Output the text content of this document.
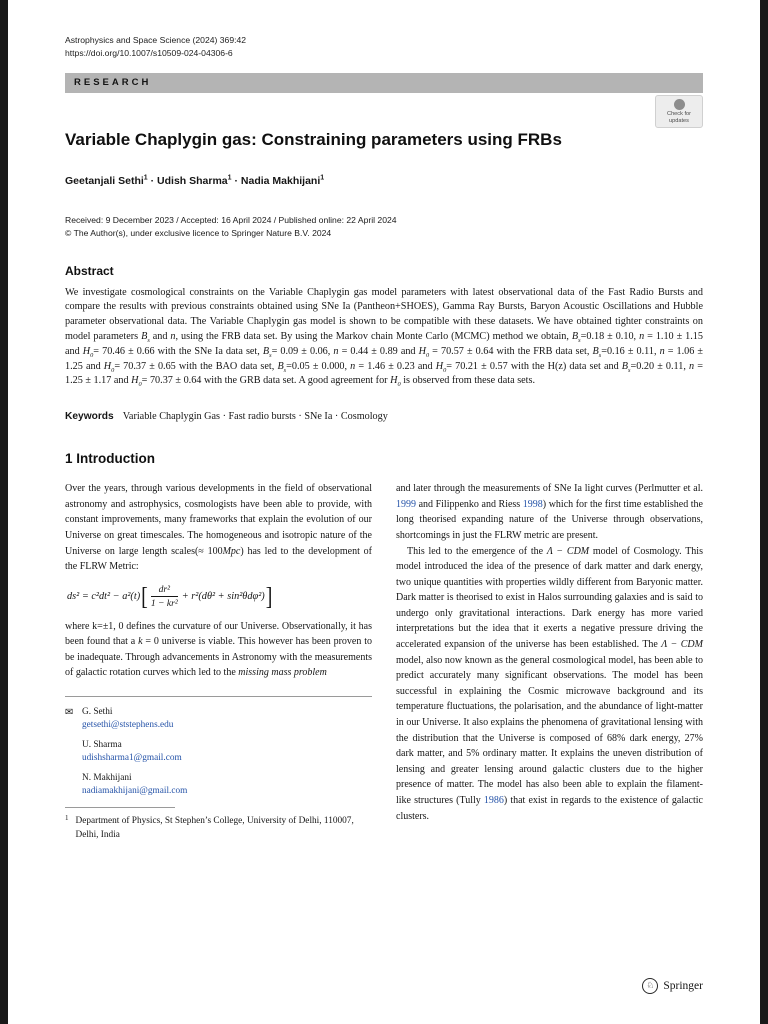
Astrophysics and Space Science (2024) 369:42
https://doi.org/10.1007/s10509-024-04306-6
RESEARCH
Check for
updates
Variable Chaplygin gas: Constraining parameters using FRBs
Geetanjali Sethi$^1$ · Udish Sharma$^1$ · Nadia Makhijani$^1$
Received: 9 December 2023 / Accepted: 16 April 2024 / Published online: 22 April 2024
© The Author(s), under exclusive licence to Springer Nature B.V. 2024
Abstract

We investigate cosmological constraints on the Variable Chaplygin gas model parameters with latest observational data of the Fast Radio Bursts and compare the results with previous constraints obtained using SNe Ia (Pantheon+SHOES), Gamma Ray Bursts, Baryon Acoustic Oscillations and Hubble parameter observational data. The Variable Chaplygin gas model is shown to be compatible with these datasets. We have obtained tighter constraints on model parameters $B_s$ and n, using the FRB data set. By using the Markov chain Monte Carlo (MCMC) method we obtain, $B_s=0.18 \pm 0.10$, n = 1.10 ± 1.15 and $H_0= 70.46 \pm 0.66$ with the SNe Ia data set, $B_s= 0.09 \pm 0.06$, n = 0.44 ± 0.89 and $H_0 = 70.57 \pm 0.64$ with the FRB data set, $B_s=0.16 \pm 0.11$, n = 1.06 ± 1.25 and $H_0= 70.37 \pm 0.65$ with the BAO data set, $B_s=0.05 \pm 0.000$, n = 1.46 ± 0.23 and $H_0= 70.21 \pm 0.57$ with the H(z) data set and $B_s=0.20 \pm 0.11$, n = 1.25 ± 1.17 and $H_0= 70.37 \pm 0.64$ with the GRB data set. A good agreement for $H_0$ is observed from these data sets.

Keywords Variable Chaplygin Gas · Fast radio bursts · SNe Ia · Cosmology
1 Introduction

Over the years, through various developments in the field of observational astronomy and astrophysics, cosmologists have been able to provide, with constant improvements, many frameworks that explain the evolution of our Universe on great timescales. The homogeneous and isotropic nature of the Universe on large length scales(≈ 100Mpc) has led to the development of the FLRW Metric:

ds² = c²dt² − a²(t) [ $\frac{\text{dr²}}{\text{1 − kr²}} + r^2(d\theta^2 + \sin^2\theta d\varphi^2)$ ]

where k=±1, 0 defines the curvature of our Universe. Observationally, it has been found that a k = 0 universe is viable. This however has been proven to be inadequate. Through advancements in Astronomy with the measurements of galactic rotation curves which led to the missing mass problem

✉ G. Sethi
getsethi@ststephens.edu
U. Sharma
udishsharma1@gmail.com
N. Makhijani
nadiamakhijani@gmail.com
1 Department of Physics, St Stephen’s College, University of Delhi, 110007, Delhi, India

and later through the measurements of SNe Ia light curves (Perlmutter et al. 1999 and Filippenko and Riess 1998) which for the first time established the long theorised expanding nature of the Universe through observations, shortcomings in just the FLRW metric are present.

This led to the emergence of the Λ − CDM model of Cosmology. This model introduced the idea of the presence of dark matter and dark energy, two unique quantities with properties wildly different from Baryonic matter. Dark matter is theorised to exist in Halos surrounding galaxies and is said to undergo only gravitational interactions. Dark energy has more varied interpretations but the idea that it exerts a negative pressure driving the accelerated expansion of the universe has been established. The Λ − CDM model, also now known as the general cosmological model, has been able to predict accurately many significant observations. The model has been successful in explaining the Cosmic microwave background and its temperature fluctuations, the polarisation, and the abundance of light-matter in our Universe. It also explains the phenomena of gravitational lensing with the distribution that the Universe is composed of 68% dark energy, 27% dark matter, and 5% ordinary matter. It explains the uneven distribution of lensing and greater lensing around galactic clusters due to the higher presence of matter. The model has also been able to explain the filament-like structures (Tully 1986) that exist in regards to the existence of galactic clusters.

♘ Springer
